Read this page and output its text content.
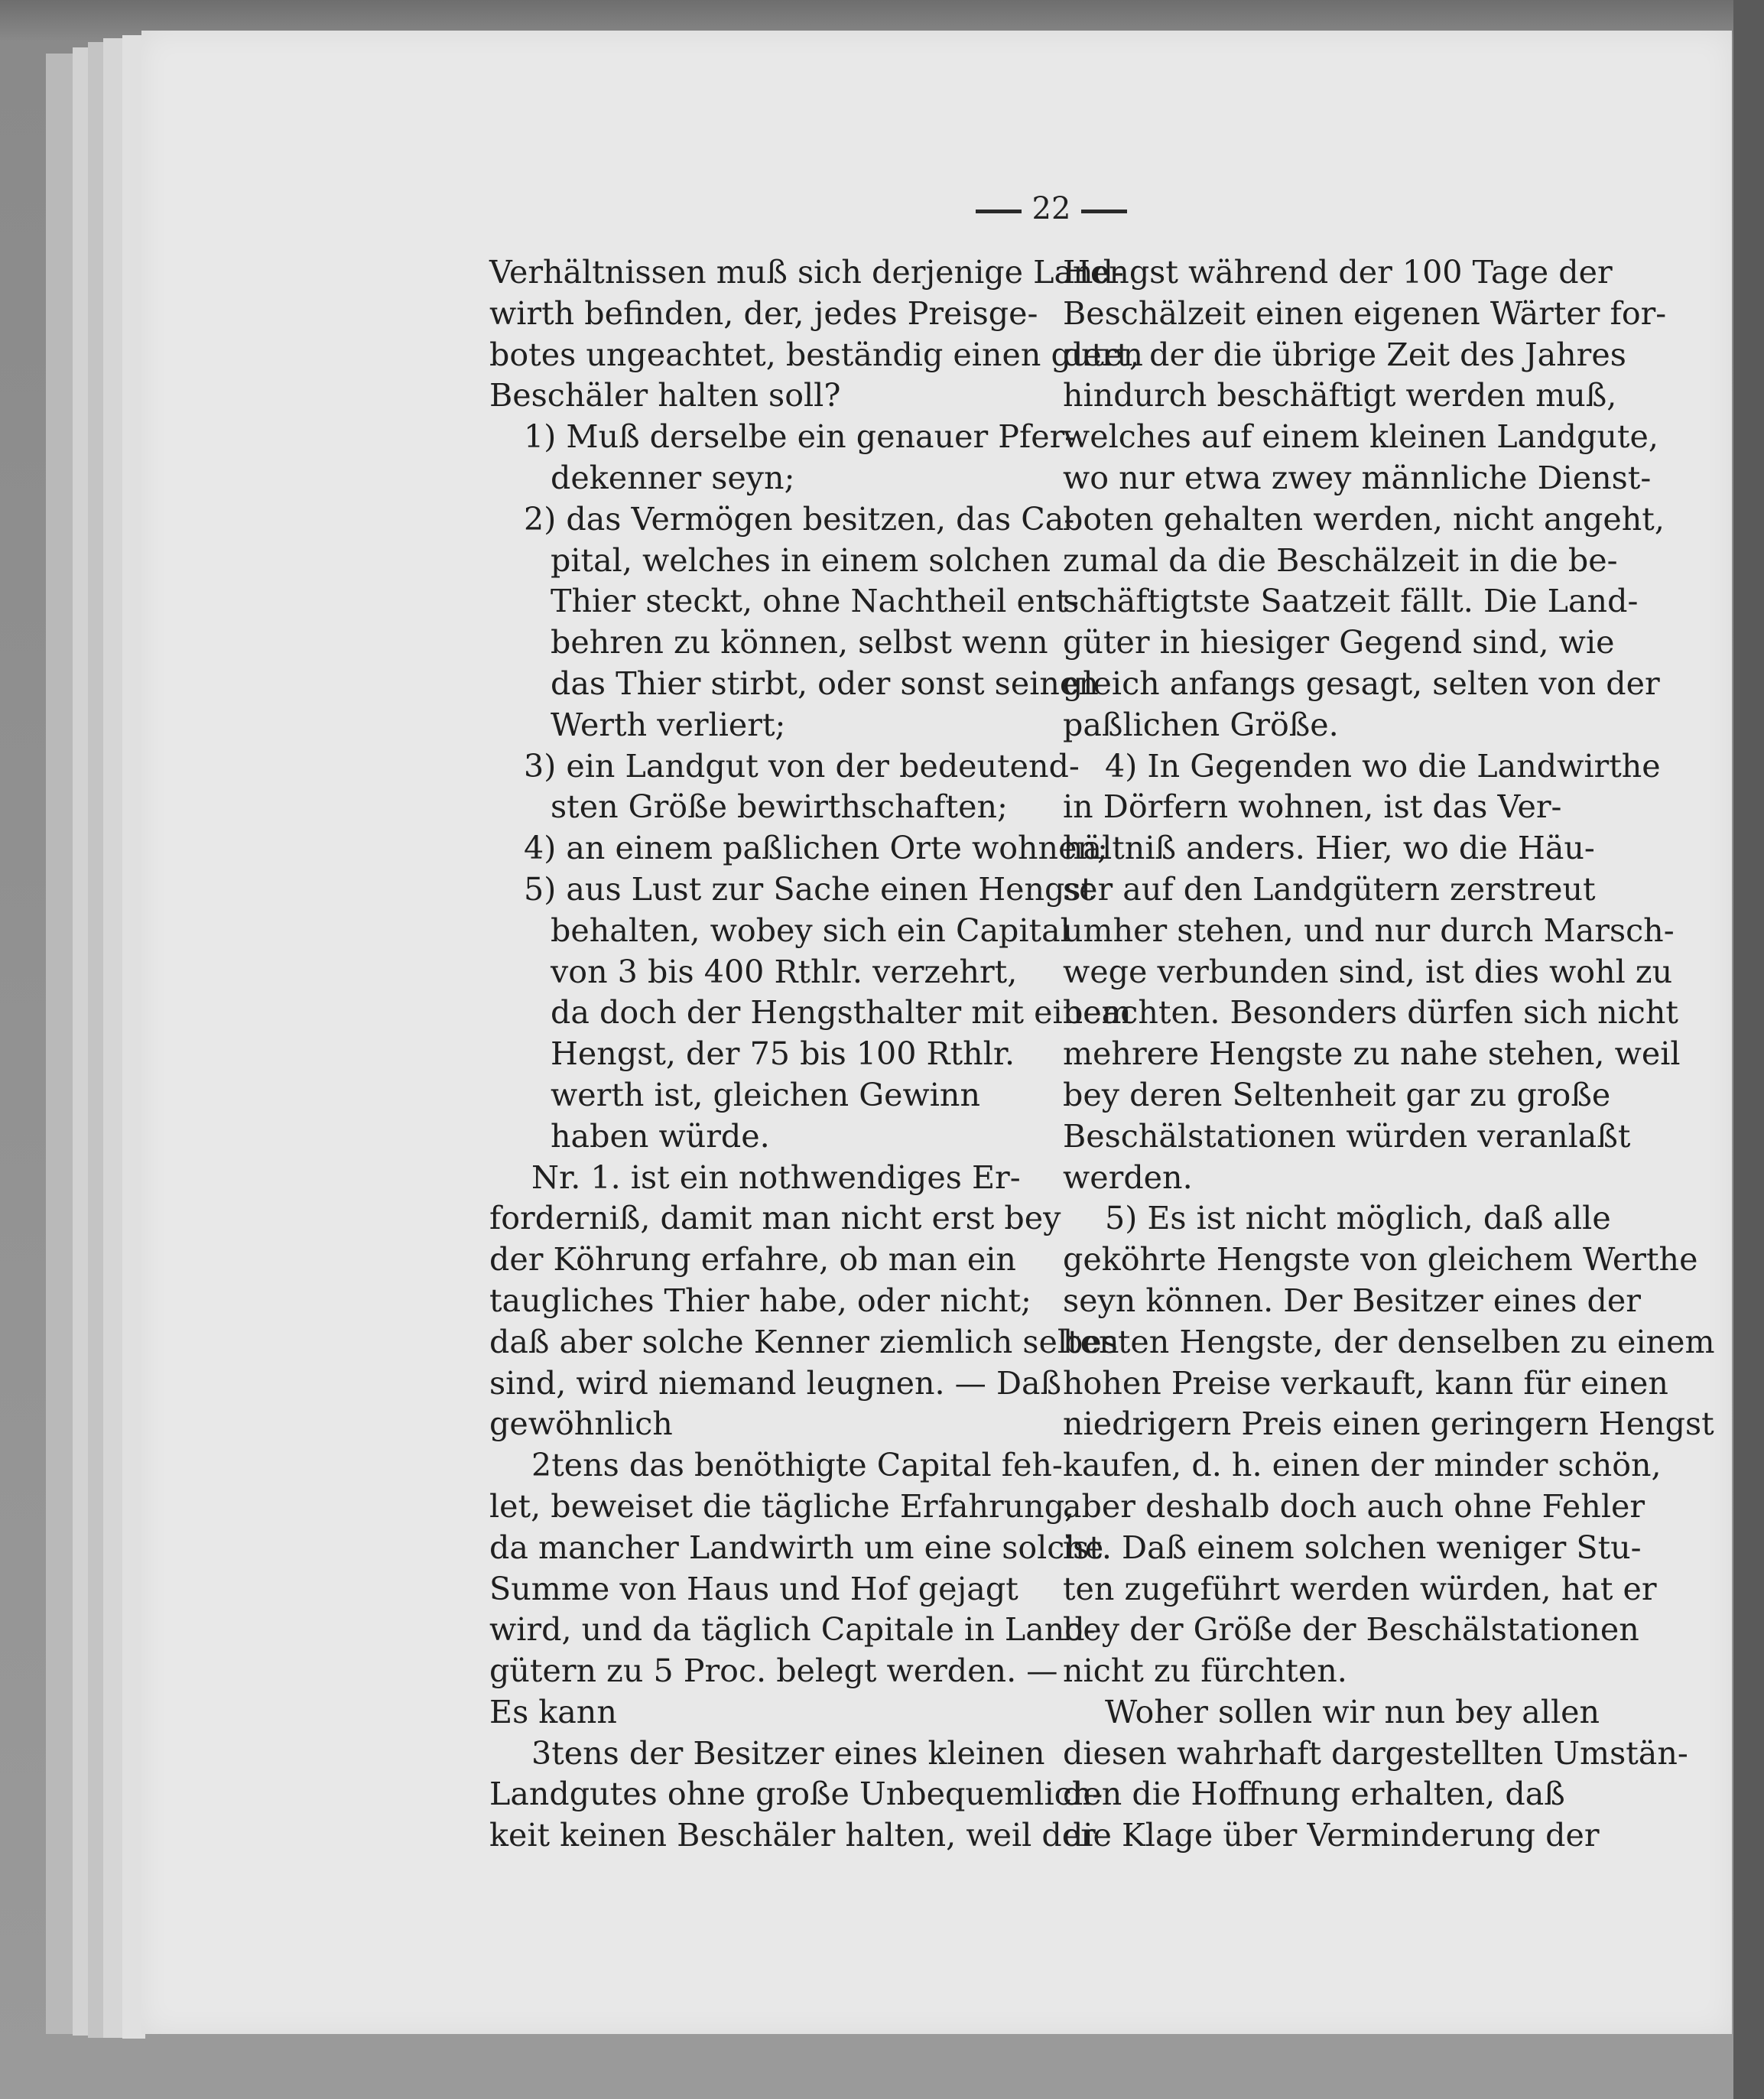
22
Verhältnissen muß sich derjenige Land-
wirth befinden, der, jedes Preisge-
botes ungeachtet, beständig einen guten
Beschäler halten soll?
1) Muß derselbe ein genauer Pfer-
dekenner seyn;
2) das Vermögen besitzen, das Ca-
pital, welches in einem solchen
Thier steckt, ohne Nachtheil ent-
behren zu können, selbst wenn
das Thier stirbt, oder sonst seinen
Werth verliert;
3) ein Landgut von der bedeutend-
sten Größe bewirthschaften;
4) an einem paßlichen Orte wohnen;
5) aus Lust zur Sache einen Hengst
behalten, wobey sich ein Capital
von 3 bis 400 Rthlr. verzehrt,
da doch der Hengsthalter mit einem
Hengst, der 75 bis 100 Rthlr.
werth ist, gleichen Gewinn
haben würde.
Nr. 1. ist ein nothwendiges Er-
forderniß, damit man nicht erst bey
der Köhrung erfahre, ob man ein
taugliches Thier habe, oder nicht;
daß aber solche Kenner ziemlich selten
sind, wird niemand leugnen. — Daß
gewöhnlich
2tens das benöthigte Capital feh-
let, beweiset die tägliche Erfahrung,
da mancher Landwirth um eine solche
Summe von Haus und Hof gejagt
wird, und da täglich Capitale in Land-
gütern zu 5 Proc. belegt werden. —
Es kann
3tens der Besitzer eines kleinen
Landgutes ohne große Unbequemlich-
keit keinen Beschäler halten, weil der
Hengst während der 100 Tage der
Beschälzeit einen eigenen Wärter for-
dert, der die übrige Zeit des Jahres
hindurch beschäftigt werden muß,
welches auf einem kleinen Landgute,
wo nur etwa zwey männliche Dienst-
boten gehalten werden, nicht angeht,
zumal da die Beschälzeit in die be-
schäftigtste Saatzeit fällt. Die Land-
güter in hiesiger Gegend sind, wie
gleich anfangs gesagt, selten von der
paßlichen Größe.
4) In Gegenden wo die Landwirthe
in Dörfern wohnen, ist das Ver-
hältniß anders. Hier, wo die Häu-
ser auf den Landgütern zerstreut
umher stehen, und nur durch Marsch-
wege verbunden sind, ist dies wohl zu
beachten. Besonders dürfen sich nicht
mehrere Hengste zu nahe stehen, weil
bey deren Seltenheit gar zu große
Beschälstationen würden veranlaßt
werden.
5) Es ist nicht möglich, daß alle
geköhrte Hengste von gleichem Werthe
seyn können. Der Besitzer eines der
besten Hengste, der denselben zu einem
hohen Preise verkauft, kann für einen
niedrigern Preis einen geringern Hengst
kaufen, d. h. einen der minder schön,
aber deshalb doch auch ohne Fehler
ist. Daß einem solchen weniger Stu-
ten zugeführt werden würden, hat er
bey der Größe der Beschälstationen
nicht zu fürchten.
Woher sollen wir nun bey allen
diesen wahrhaft dargestellten Umstän-
den die Hoffnung erhalten, daß
die Klage über Verminderung der
